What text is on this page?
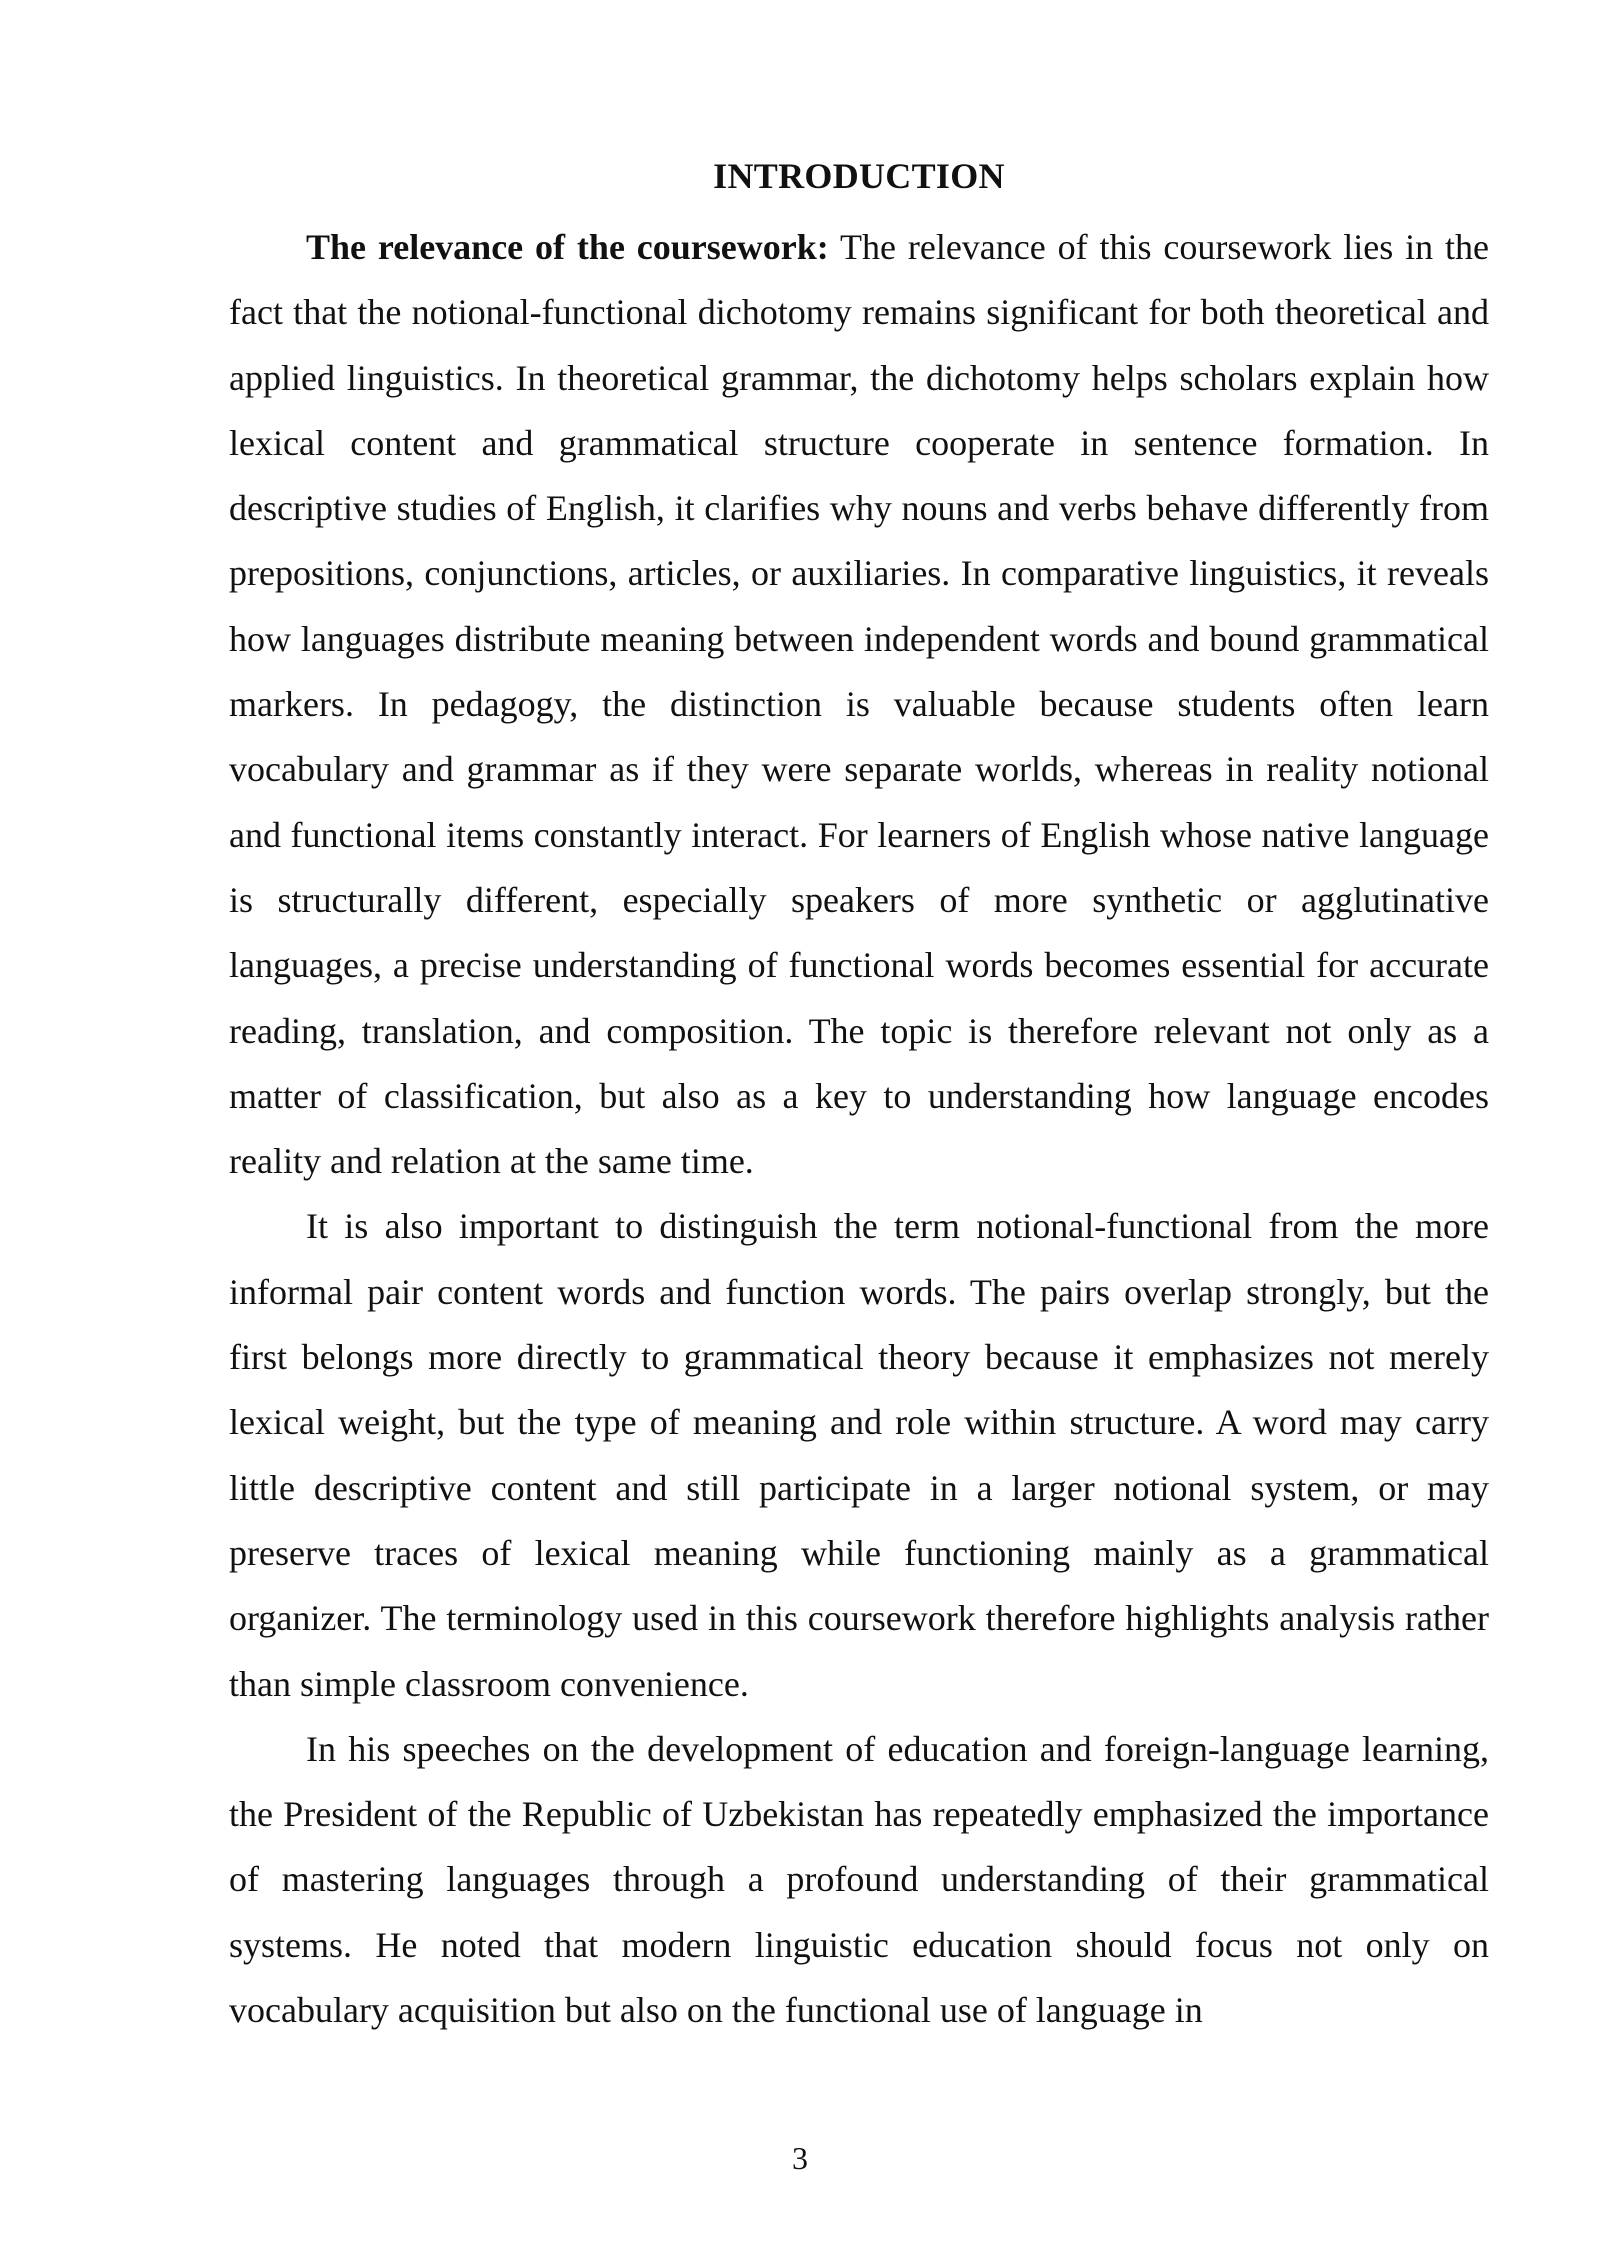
INTRODUCTION

The relevance of the coursework: The relevance of this coursework lies in the fact that the notional-functional dichotomy remains significant for both theoretical and applied linguistics. In theoretical grammar, the dichotomy helps scholars explain how lexical content and grammatical structure cooperate in sentence formation. In descriptive studies of English, it clarifies why nouns and verbs behave differently from prepositions, conjunctions, articles, or auxiliaries. In comparative linguistics, it reveals how languages distribute meaning between independent words and bound grammatical markers. In pedagogy, the distinction is valuable because students often learn vocabulary and grammar as if they were separate worlds, whereas in reality notional and functional items constantly interact. For learners of English whose native language is structurally different, especially speakers of more synthetic or agglutinative languages, a precise understanding of functional words becomes essential for accurate reading, translation, and composition. The topic is therefore relevant not only as a matter of classification, but also as a key to understanding how language encodes reality and relation at the same time.

It is also important to distinguish the term notional-functional from the more informal pair content words and function words. The pairs overlap strongly, but the first belongs more directly to grammatical theory because it emphasizes not merely lexical weight, but the type of meaning and role within structure. A word may carry little descriptive content and still participate in a larger notional system, or may preserve traces of lexical meaning while functioning mainly as a grammatical organizer. The terminology used in this coursework therefore highlights analysis rather than simple classroom convenience.

In his speeches on the development of education and foreign-language learning, the President of the Republic of Uzbekistan has repeatedly emphasized the importance of mastering languages through a profound understanding of their grammatical systems. He noted that modern linguistic education should focus not only on vocabulary acquisition but also on the functional use of language in

3
